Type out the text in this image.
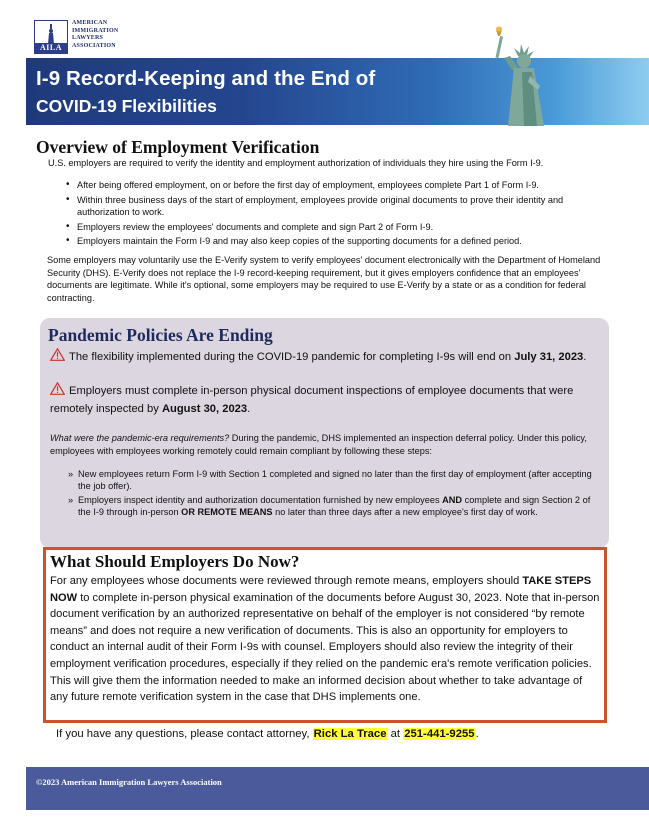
AILA
AMERICAN
IMMIGRATION
LAWYERS
ASSOCIATION
I-9 Record-Keeping and the End of
COVID-19 Flexibilities
Overview of Employment Verification
U.S. employers are required to verify the identity and employment authorization of individuals they hire using the Form I-9.
• After being offered employment, on or before the first day of employment, employees complete Part 1 of Form I-9.
• Within three business days of the start of employment, employees provide original documents to prove their identity and authorization to work.
• Employers review the employees' documents and complete and sign Part 2 of Form I-9.
• Employers maintain the Form I-9 and may also keep copies of the supporting documents for a defined period.
Some employers may voluntarily use the E-Verify system to verify employees' document electronically with the Department of Homeland Security (DHS). E-Verify does not replace the I-9 record-keeping requirement, but it gives employers confidence that an employees' documents are legitimate. While it's optional, some employers may be required to use E-Verify by a state or as a condition for federal contracting.
Pandemic Policies Are Ending
The flexibility implemented during the COVID-19 pandemic for completing I-9s will end on July 31, 2023.
Employers must complete in-person physical document inspections of employee documents that were remotely inspected by August 30, 2023.
What were the pandemic-era requirements? During the pandemic, DHS implemented an inspection deferral policy. Under this policy, employees with employees working remotely could remain compliant by following these steps:
» New employees return Form I-9 with Section 1 completed and signed no later than the first day of employment (after accepting the job offer).
» Employers inspect identity and authorization documentation furnished by new employees AND complete and sign Section 2 of the I-9 through in-person OR REMOTE MEANS no later than three days after a new employee's first day of work.
What Should Employers Do Now?
For any employees whose documents were reviewed through remote means, employers should TAKE STEPS NOW to complete in-person physical examination of the documents before August 30, 2023. Note that in-person document verification by an authorized representative on behalf of the employer is not considered “by remote means” and does not require a new verification of documents. This is also an opportunity for employers to conduct an internal audit of their Form I-9s with counsel. Employers should also review the integrity of their employment verification procedures, especially if they relied on the pandemic era's remote verification policies. This will give them the information needed to make an informed decision about whether to take advantage of any future remote verification system in the case that DHS implements one.
If you have any questions, please contact attorney, Rick La Trace at 251-441-9255.
©2023 American Immigration Lawyers Association
